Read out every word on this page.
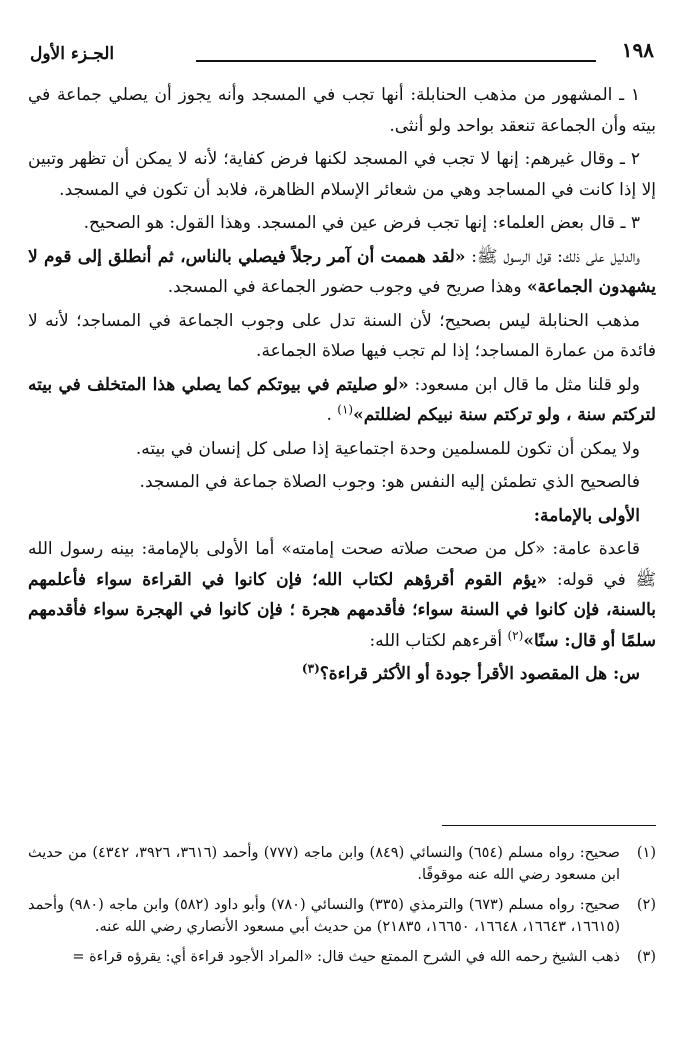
١٩٨
الجـزء الأول

١ ـ المشهور من مذهب الحنابلة: أنها تجب في المسجد وأنه يجوز أن يصلي جماعة في بيته وأن الجماعة تنعقد بواحد ولو أنثى.

٢ ـ وقال غيرهم: إنها لا تجب في المسجد لكنها فرض كفاية؛ لأنه لا يمكن أن تظهر وتبين إلا إذا كانت في المساجد وهي من شعائر الإسلام الظاهرة، فلابد أن تكون في المسجد.

٣ ـ قال بعض العلماء: إنها تجب فرض عين في المسجد. وهذا القول: هو الصحيح.

والدليل على ذلك: قول الرسول ﷺ: «لقد هممت أن آمر رجلاً فيصلي بالناس، ثم أنطلق إلى قوم لا يشهدون الجماعة» وهذا صريح في وجوب حضور الجماعة في المسجد.

مذهب الحنابلة ليس بصحيح؛ لأن السنة تدل على وجوب الجماعة في المساجد؛ لأنه لا فائدة من عمارة المساجد؛ إذا لم تجب فيها صلاة الجماعة.

ولو قلنا مثل ما قال ابن مسعود: «لو صليتم في بيوتكم كما يصلي هذا المتخلف في بيته لتركتم سنة ، ولو تركتم سنة نبيكم لضللتم»$^{(١)}$ .

ولا يمكن أن تكون للمسلمين وحدة اجتماعية إذا صلى كل إنسان في بيته.

فالصحيح الذي تطمئن إليه النفس هو: وجوب الصلاة جماعة في المسجد.

الأولى بالإمامة:

قاعدة عامة: «كل من صحت صلاته صحت إمامته» أما الأولى بالإمامة: بينه رسول الله ﷺ في قوله: «يؤم القوم أقرؤهم لكتاب الله؛ فإن كانوا في القراءة سواء فأعلمهم بالسنة، فإن كانوا في السنة سواء؛ فأقدمهم هجرة ؛ فإن كانوا في الهجرة سواء فأقدمهم سلمًا أو قال: سنًا»$^{(٢)}$ أقرءهم لكتاب الله:

س: هل المقصود الأقرأ جودة أو الأكثر قراءة؟$^{(٣)}$

(١)
صحيح: رواه مسلم (٦٥٤) والنسائي (٨٤٩) وابن ماجه (٧٧٧) وأحمد (٣٦١٦، ٣٩٢٦، ٤٣٤٢) من حديث ابن مسعود رضي الله عنه موقوفًا.

(٢)
صحيح: رواه مسلم (٦٧٣) والترمذي (٣٣٥) والنسائي (٧٨٠) وأبو داود (٥٨٢) وابن ماجه (٩٨٠) وأحمد (١٦٦١٥، ١٦٦٤٣، ١٦٦٤٨، ١٦٦٥٠، ٢١٨٣٥) من حديث أبي مسعود الأنصاري رضي الله عنه.

(٣)
ذهب الشيخ رحمه الله في الشرح الممتع حيث قال: «المراد الأجود قراءة أي: يقرؤه قراءة =
